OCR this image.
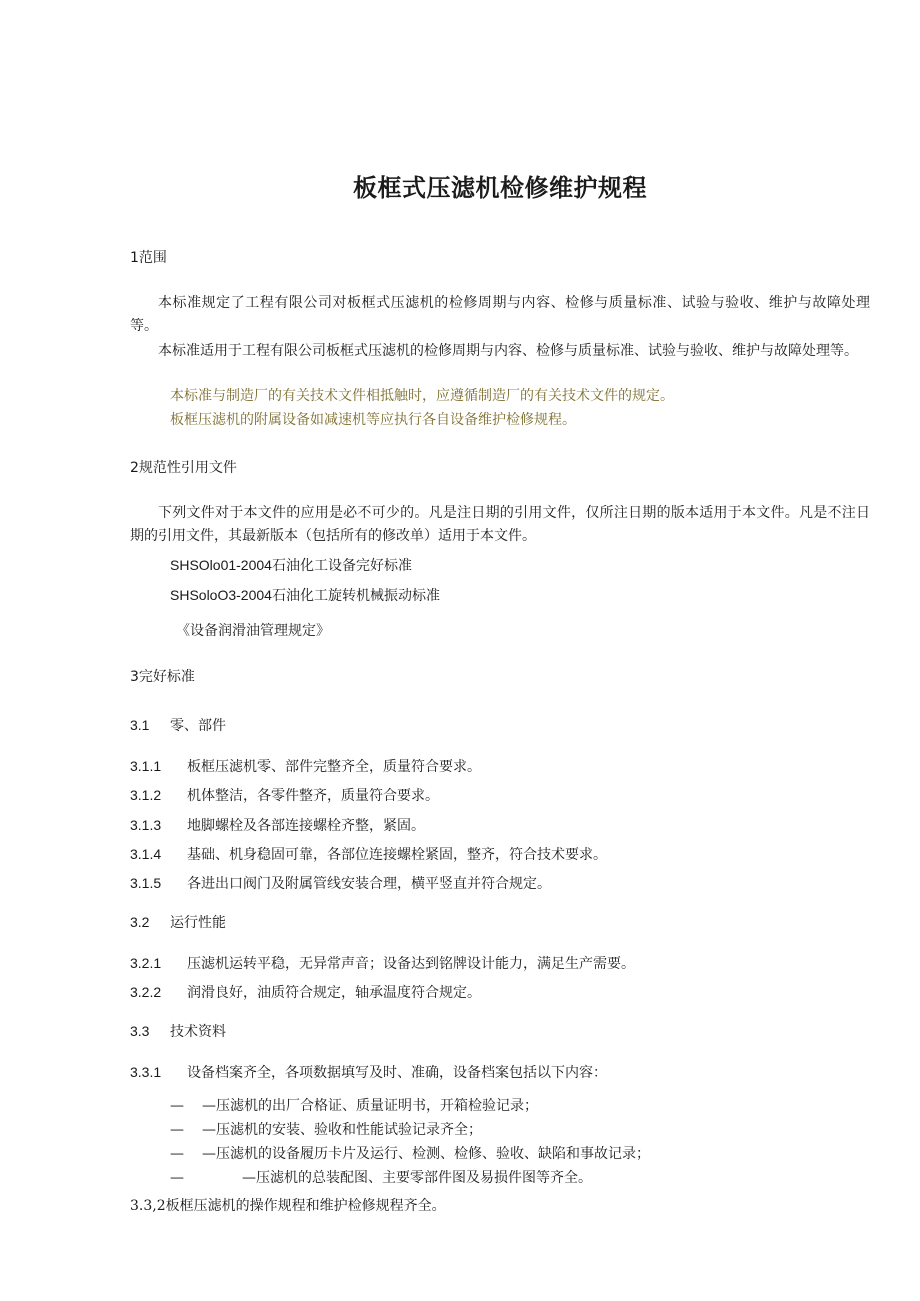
板框式压滤机检修维护规程
1范围

本标准规定了工程有限公司对板框式压滤机的检修周期与内容、检修与质量标准、试验与验收、维护与故障处理等。

本标准适用于工程有限公司板框式压滤机的检修周期与内容、检修与质量标准、试验与验收、维护与故障处理等。

本标准与制造厂的有关技术文件相抵触时，应遵循制造厂的有关技术文件的规定。
板框压滤机的附属设备如减速机等应执行各自设备维护检修规程。
2规范性引用文件

下列文件对于本文件的应用是必不可少的。凡是注日期的引用文件，仅所注日期的版本适用于本文件。凡是不注日期的引用文件，其最新版本（包括所有的修改单）适用于本文件。

SHSOlo01-2004石油化工设备完好标准
SHSoloO3-2004石油化工旋转机械振动标准
《设备润滑油管理规定》
3完好标准
3.1 零、部件
3.1.1 板框压滤机零、部件完整齐全，质量符合要求。
3.1.2 机体整洁，各零件整齐，质量符合要求。
3.1.3 地脚螺栓及各部连接螺栓齐整，紧固。
3.1.4 基础、机身稳固可靠，各部位连接螺栓紧固，整齐，符合技术要求。
3.1.5 各进出口阀门及附属管线安装合理，横平竖直并符合规定。
3.2 运行性能
3.2.1 压滤机运转平稳，无异常声音；设备达到铭牌设计能力，满足生产需要。
3.2.2 润滑良好，油质符合规定，轴承温度符合规定。
3.3 技术资料
3.3.1 设备档案齐全，各项数据填写及时、准确，设备档案包括以下内容：
— —压滤机的出厂合格证、质量证明书，开箱检验记录；
— —压滤机的安装、验收和性能试验记录齐全；
— —压滤机的设备履历卡片及运行、检测、检修、验收、缺陷和事故记录；
—	—压滤机的总装配图、主要零部件图及易损件图等齐全。
3.3,2板框压滤机的操作规程和维护检修规程齐全。
